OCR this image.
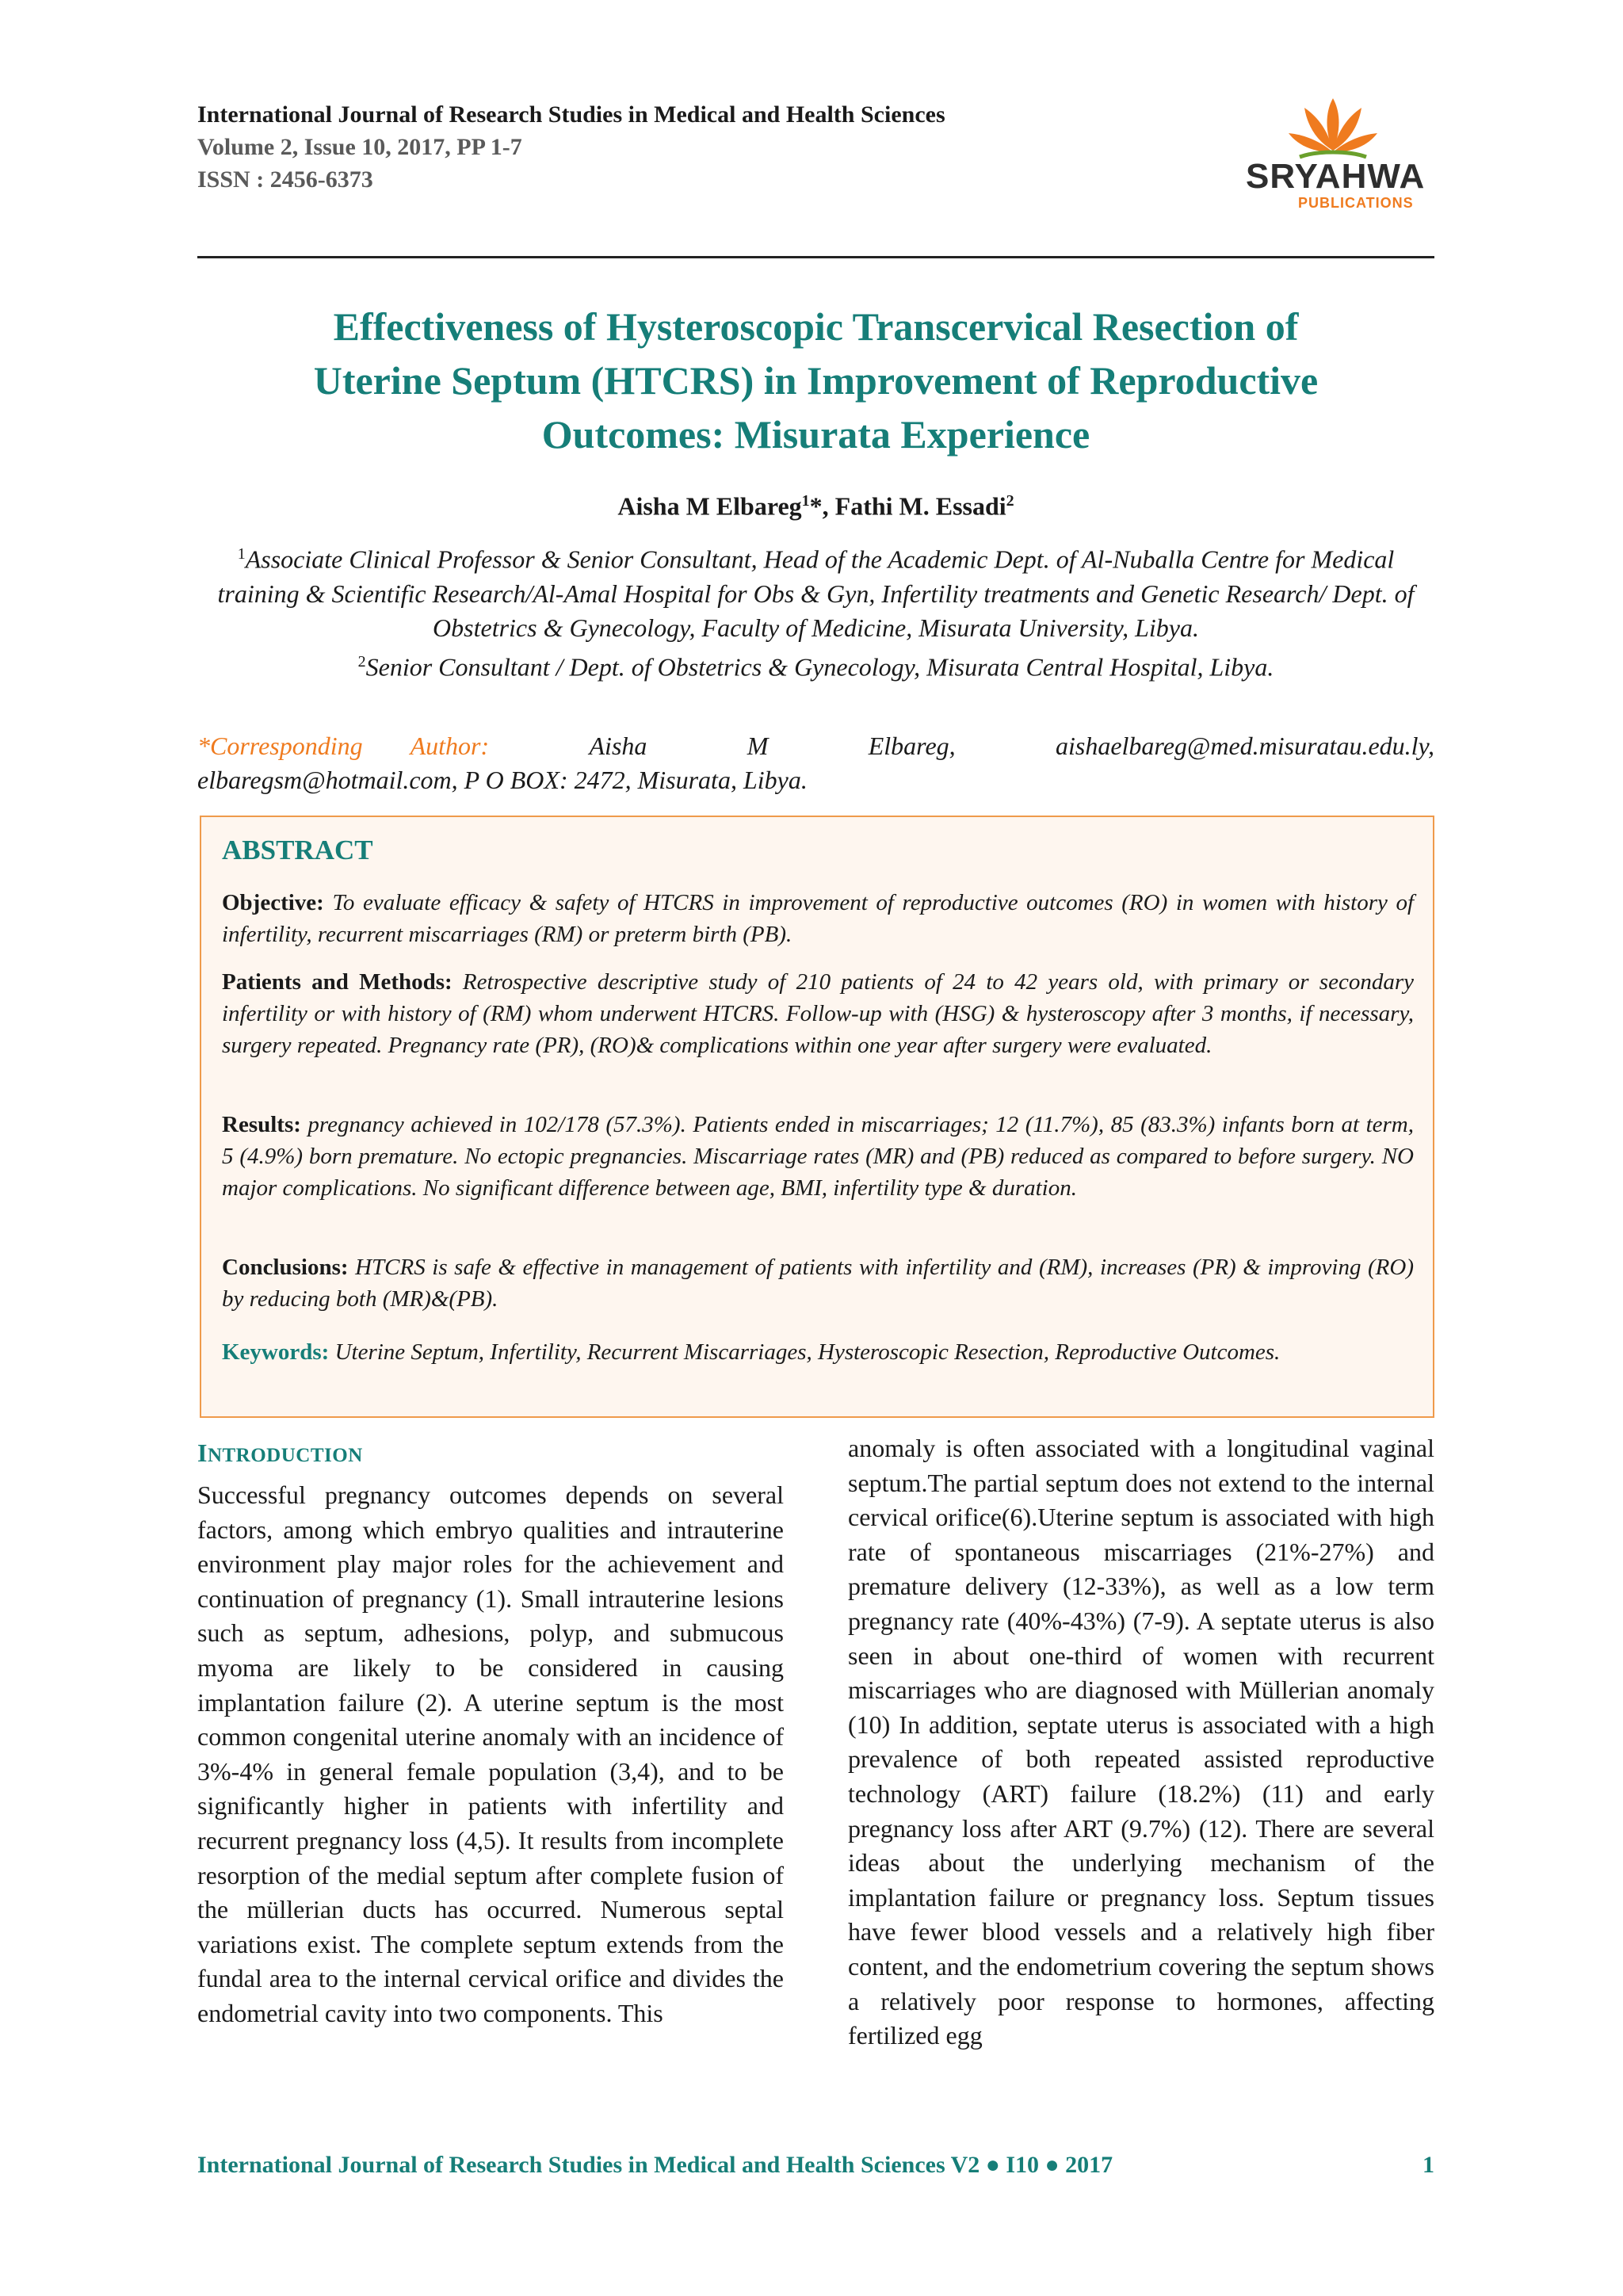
International Journal of Research Studies in Medical and Health Sciences
Volume 2, Issue 10, 2017, PP 1-7
ISSN : 2456-6373	SRYAHWA
PUBLICATIONS
Effectiveness of Hysteroscopic Transcervical Resection of
Uterine Septum (HTCRS) in Improvement of Reproductive
Outcomes: Misurata Experience
Aisha M Elbareg$^1$*, Fathi M. Essadi$^2$

$^1$Associate Clinical Professor & Senior Consultant, Head of the Academic Dept. of Al-Nuballa Centre for Medical training & Scientific Research/Al-Amal Hospital for Obs & Gyn, Infertility treatments and Genetic Research/ Dept. of Obstetrics & Gynecology, Faculty of Medicine, Misurata University, Libya.

$^2$Senior Consultant / Dept. of Obstetrics & Gynecology, Misurata Central Hospital, Libya.

*Corresponding Author:	Aisha	M	Elbareg,	aishaelbareg@med.misuratau.edu.ly,
elbaregsm@hotmail.com, P O BOX: 2472, Misurata, Libya.
ABSTRACT

Objective: To evaluate efficacy & safety of HTCRS in improvement of reproductive outcomes (RO) in women with history of infertility, recurrent miscarriages (RM) or preterm birth (PB).

Patients and Methods: Retrospective descriptive study of 210 patients of 24 to 42 years old, with primary or secondary infertility or with history of (RM) whom underwent HTCRS. Follow-up with (HSG) & hysteroscopy after 3 months, if necessary, surgery repeated. Pregnancy rate (PR), (RO)& complications within one year after surgery were evaluated.

Results: pregnancy achieved in 102/178 (57.3%). Patients ended in miscarriages; 12 (11.7%), 85 (83.3%) infants born at term, 5 (4.9%) born premature. No ectopic pregnancies. Miscarriage rates (MR) and (PB) reduced as compared to before surgery. NO major complications. No significant difference between age, BMI, infertility type & duration.

Conclusions: HTCRS is safe & effective in management of patients with infertility and (RM), increases (PR) & improving (RO) by reducing both (MR)&(PB).

Keywords: Uterine Septum, Infertility, Recurrent Miscarriages, Hysteroscopic Resection, Reproductive Outcomes.

INTRODUCTION

Successful pregnancy outcomes depends on several factors, among which embryo qualities and intrauterine environment play major roles for the achievement and continuation of pregnancy (1). Small intrauterine lesions such as septum, adhesions, polyp, and submucous myoma are likely to be considered in causing implantation failure (2). A uterine septum is the most common congenital uterine anomaly with an incidence of 3%-4% in general female population (3,4), and to be significantly higher in patients with infertility and recurrent pregnancy loss (4,5). It results from incomplete resorption of the medial septum after complete fusion of the müllerian ducts has occurred. Numerous septal variations exist. The complete septum extends from the fundal area to the internal cervical orifice and divides the endometrial cavity into two components. This

anomaly is often associated with a longitudinal vaginal septum.The partial septum does not extend to the internal cervical orifice(6).Uterine septum is associated with high rate of spontaneous miscarriages (21%-27%) and premature delivery (12-33%), as well as a low term pregnancy rate (40%-43%) (7-9). A septate uterus is also seen in about one-third of women with recurrent miscarriages who are diagnosed with Müllerian anomaly (10) In addition, septate uterus is associated with a high prevalence of both repeated assisted reproductive technology (ART) failure (18.2%) (11) and early pregnancy loss after ART (9.7%) (12). There are several ideas about the underlying mechanism of the implantation failure or pregnancy loss. Septum tissues have fewer blood vessels and a relatively high fiber content, and the endometrium covering the septum shows a relatively poor response to hormones, affecting fertilized egg

International Journal of Research Studies in Medical and Health Sciences V2 ● I10 ● 2017	1
